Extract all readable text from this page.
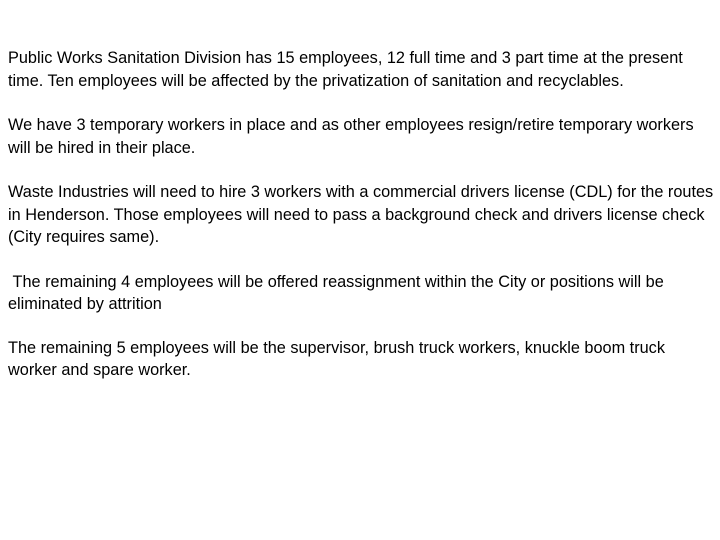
Public Works Sanitation Division has 15 employees, 12 full time and 3 part time at the present time. Ten employees will be affected by the privatization of sanitation and recyclables.

We have 3 temporary workers in place and as other employees resign/retire temporary workers will be hired in their place.

Waste Industries will need to hire 3 workers with a commercial drivers license (CDL) for the routes in Henderson. Those employees will need to pass a background check and drivers license check (City requires same).

The remaining 4 employees will be offered reassignment within the City or positions will be eliminated by attrition

The remaining 5 employees will be the supervisor, brush truck workers, knuckle boom truck worker and spare worker.
